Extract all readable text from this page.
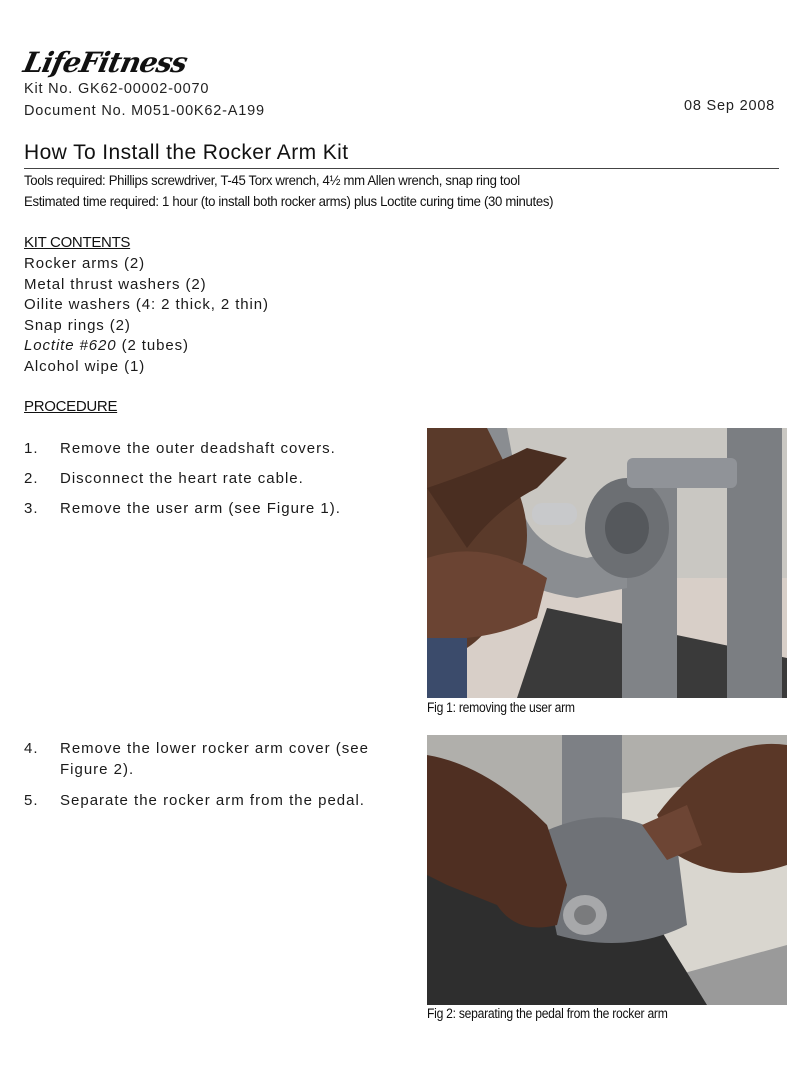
LifeFitness
Kit No. GK62-00002-0070
Document No. M051-00K62-A199	08 Sep 2008
How To Install the Rocker Arm Kit
Tools required: Phillips screwdriver, T-45 Torx wrench, 4½ mm Allen wrench, snap ring tool
Estimated time required: 1 hour (to install both rocker arms) plus Loctite curing time (30 minutes)
KIT CONTENTS
Rocker arms (2)
Metal thrust washers (2)
Oilite washers (4: 2 thick, 2 thin)
Snap rings (2)
Loctite #620 (2 tubes)
Alcohol wipe (1)
PROCEDURE
1.	Remove the outer deadshaft covers.
2.	Disconnect the heart rate cable.
3.	Remove the user arm (see Figure 1).
4.	Remove the lower rocker arm cover (see Figure 2).
5.	Separate the rocker arm from the pedal.
Fig 1: removing the user arm
Fig 2: separating the pedal from the rocker arm
